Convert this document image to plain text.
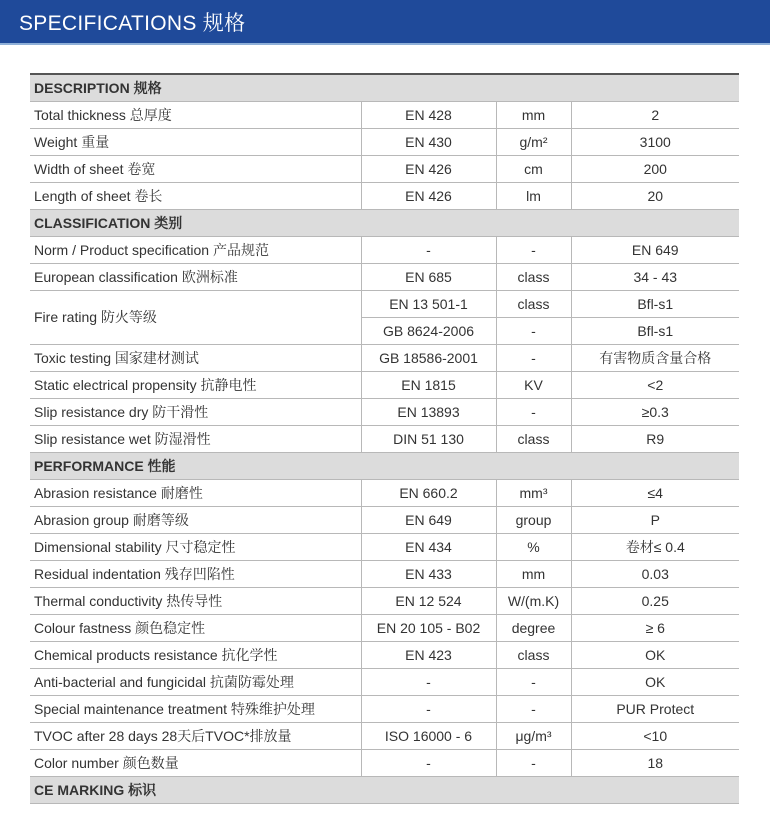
SPECIFICATIONS 规格
DESCRIPTION 规格			
Total thickness 总厚度	EN 428	mm	2
Weight 重量	EN 430	g/m²	3100
Width of sheet 卷宽	EN 426	cm	200
Length of sheet 卷长	EN 426	lm	20
CLASSIFICATION 类别			
Norm / Product specification 产品规范	-	-	EN 649
European classification 欧洲标准	EN 685	class	34 - 43
Fire rating 防火等级	EN 13 501-1	class	Bfl-s1
	GB 8624-2006	-	Bfl-s1
Toxic testing 国家建材测试	GB 18586-2001	-	有害物质含量合格
Static electrical propensity 抗静电性	EN 1815	KV	<2
Slip resistance dry 防干滑性	EN 13893	-	≥0.3
Slip resistance wet 防湿滑性	DIN 51 130	class	R9
PERFORMANCE 性能			
Abrasion resistance 耐磨性	EN 660.2	mm³	≤4
Abrasion group 耐磨等级	EN 649	group	P
Dimensional stability 尺寸稳定性	EN 434	%	卷材≤ 0.4
Residual indentation 残存凹陷性	EN 433	mm	0.03
Thermal conductivity 热传导性	EN 12 524	W/(m.K)	0.25
Colour fastness 颜色稳定性	EN 20 105 - B02	degree	≥ 6
Chemical products resistance 抗化学性	EN 423	class	OK
Anti-bacterial and fungicidal 抗菌防霉处理	-	-	OK
Special maintenance treatment 特殊维护处理	-	-	PUR Protect
TVOC after 28 days 28天后TVOC*排放量	ISO 16000 - 6	μg/m³	<10
Color number 颜色数量	-	-	18
CE MARKING 标识			
